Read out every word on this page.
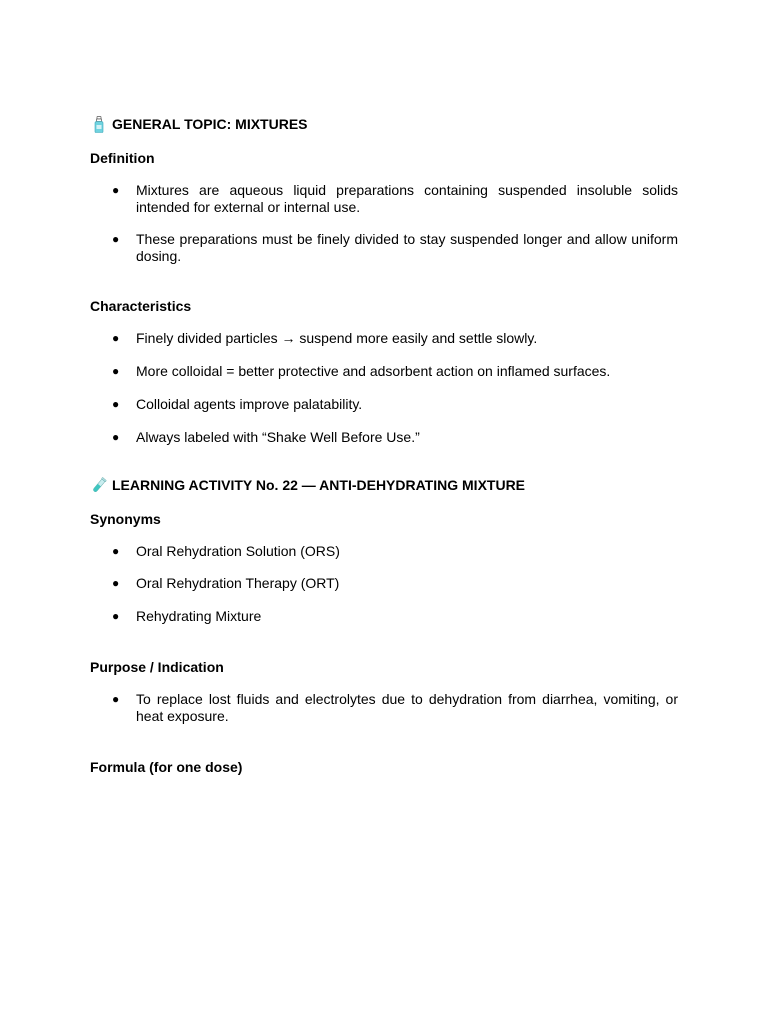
GENERAL TOPIC: MIXTURES
Definition
● Mixtures are aqueous liquid preparations containing suspended insoluble solids intended for external or internal use.
● These preparations must be finely divided to stay suspended longer and allow uniform dosing.
Characteristics
● Finely divided particles → suspend more easily and settle slowly.
● More colloidal = better protective and adsorbent action on inflamed surfaces.
● Colloidal agents improve palatability.
● Always labeled with “Shake Well Before Use.”
LEARNING ACTIVITY No. 22 — ANTI-DEHYDRATING MIXTURE
Synonyms
● Oral Rehydration Solution (ORS)
● Oral Rehydration Therapy (ORT)
● Rehydrating Mixture
Purpose / Indication
● To replace lost fluids and electrolytes due to dehydration from diarrhea, vomiting, or heat exposure.
Formula (for one dose)
